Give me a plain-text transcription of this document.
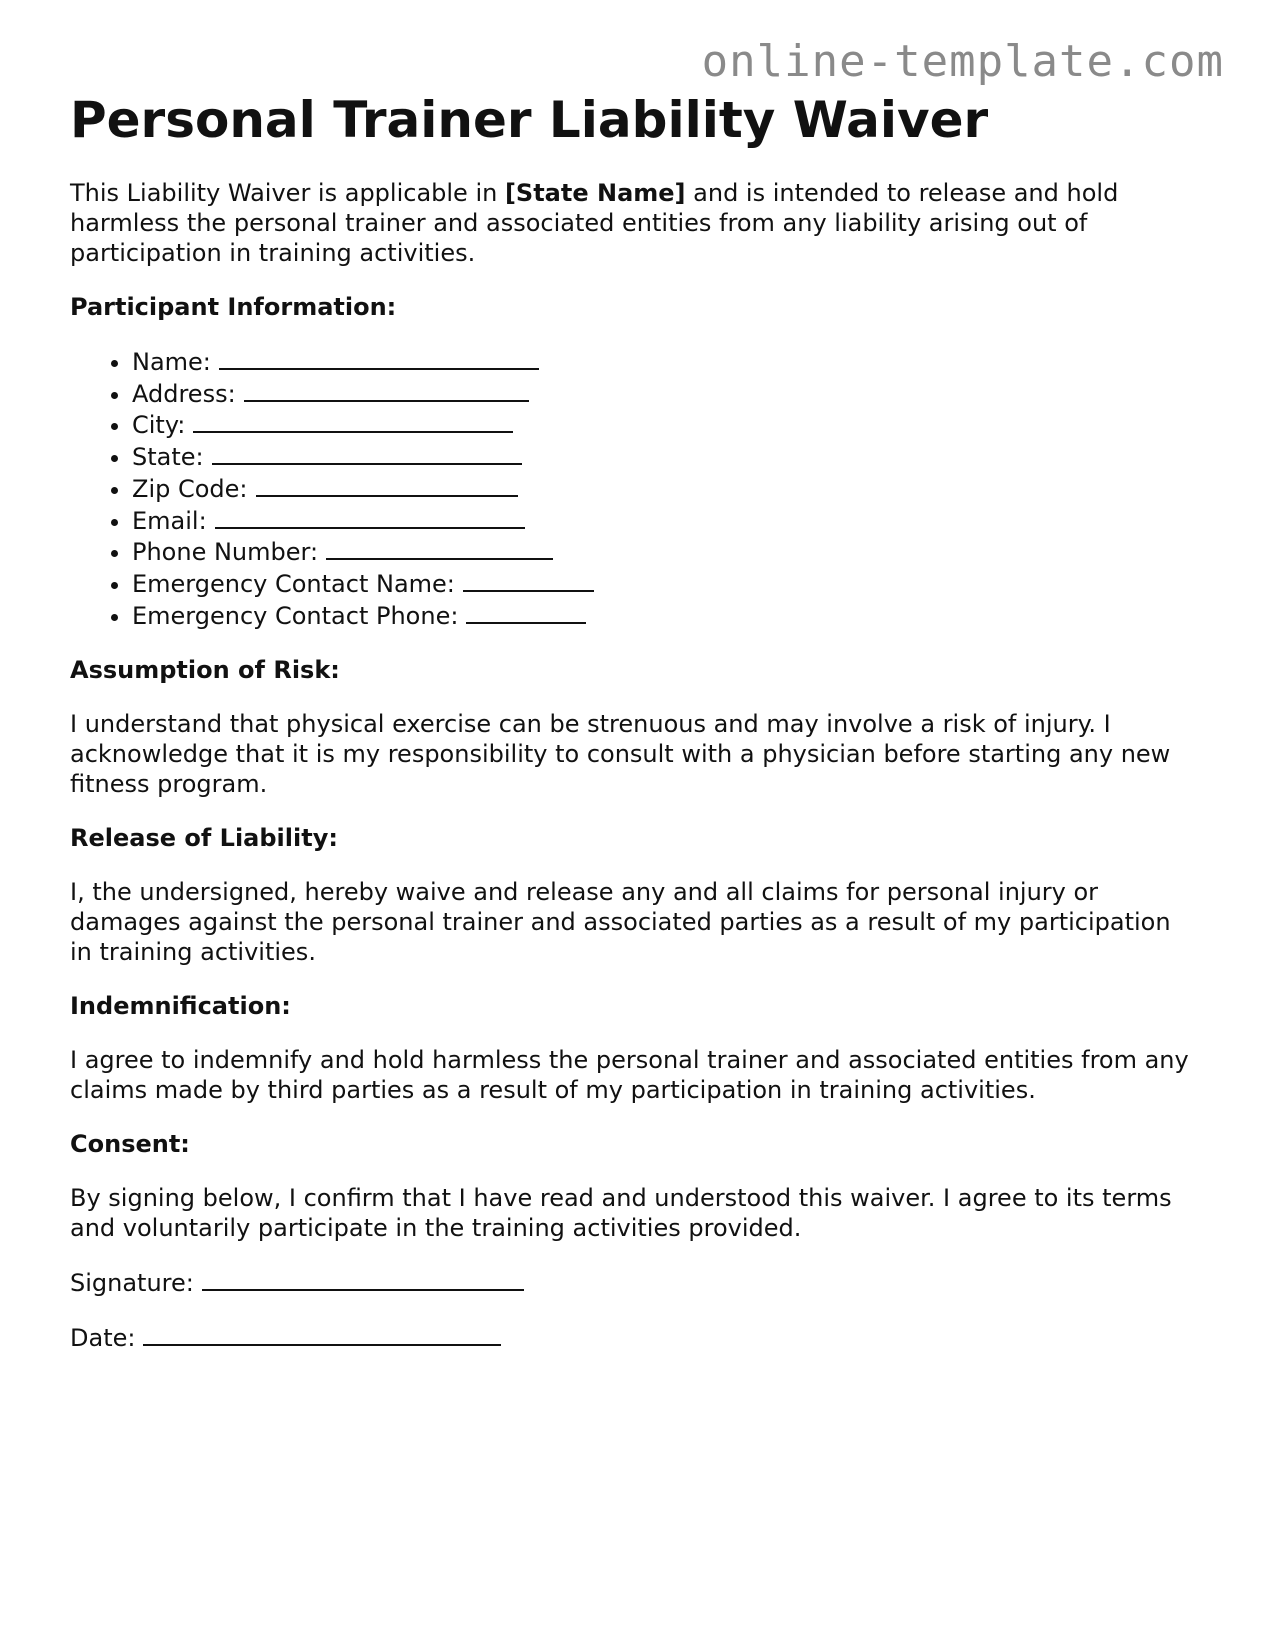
online-template.com
Personal Trainer Liability Waiver

This Liability Waiver is applicable in [State Name] and is intended to release and hold harmless the personal trainer and associated entities from any liability arising out of participation in training activities.

Participant Information:

• Name:
• Address:
• City:
• State:
• Zip Code:
• Email:
• Phone Number:
• Emergency Contact Name:
• Emergency Contact Phone:

Assumption of Risk:

I understand that physical exercise can be strenuous and may involve a risk of injury. I acknowledge that it is my responsibility to consult with a physician before starting any new fitness program.

Release of Liability:

I, the undersigned, hereby waive and release any and all claims for personal injury or damages against the personal trainer and associated parties as a result of my participation in training activities.

Indemnification:

I agree to indemnify and hold harmless the personal trainer and associated entities from any claims made by third parties as a result of my participation in training activities.

Consent:

By signing below, I confirm that I have read and understood this waiver. I agree to its terms and voluntarily participate in the training activities provided.

Signature:

Date:
